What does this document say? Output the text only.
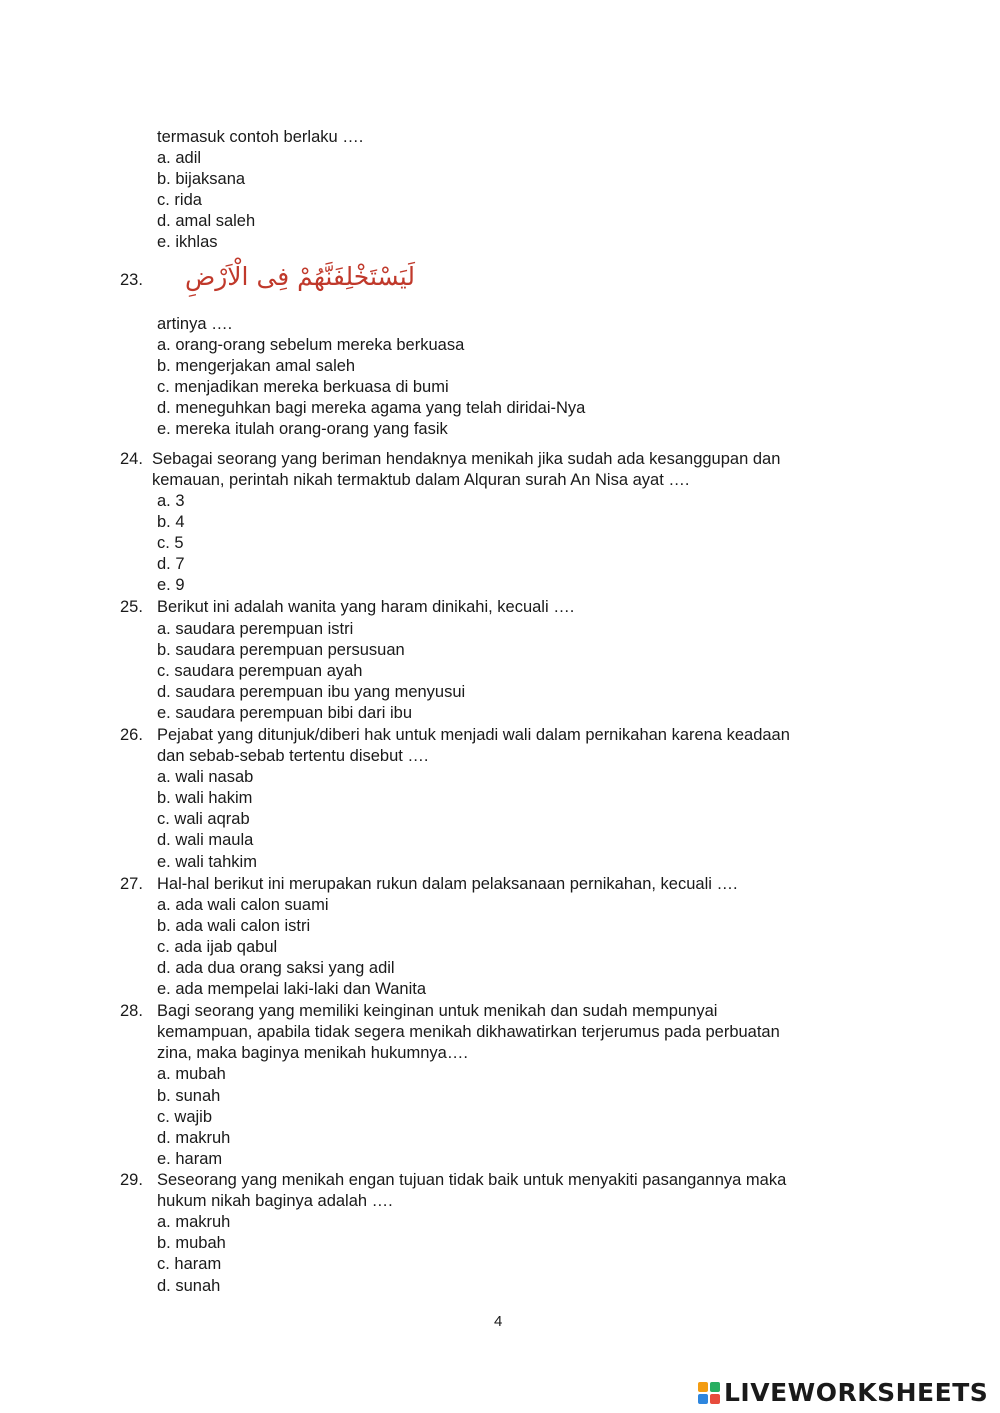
termasuk contoh berlaku ….
a. adil
b. bijaksana
c. rida
d. amal saleh
e. ikhlas
23. لَيَسْتَخْلِفَنَّهُمْ فِى الْاَرْضِ
artinya ….
a. orang-orang sebelum mereka berkuasa
b. mengerjakan amal saleh
c. menjadikan mereka berkuasa di bumi
d. meneguhkan bagi mereka agama yang telah diridai-Nya
e. mereka itulah orang-orang yang fasik
24. Sebagai seorang yang beriman hendaknya menikah jika sudah ada kesanggupan dan
kemauan, perintah nikah termaktub dalam Alquran surah An Nisa ayat ….
a. 3
b. 4
c. 5
d. 7
e. 9
25. Berikut ini adalah wanita yang haram dinikahi, kecuali ….
a. saudara perempuan istri
b. saudara perempuan persusuan
c. saudara perempuan ayah
d. saudara perempuan ibu yang menyusui
e. saudara perempuan bibi dari ibu
26. Pejabat yang ditunjuk/diberi hak untuk menjadi wali dalam pernikahan karena keadaan
dan sebab-sebab tertentu disebut ….
a. wali nasab
b. wali hakim
c. wali aqrab
d. wali maula
e. wali tahkim
27. Hal-hal berikut ini merupakan rukun dalam pelaksanaan pernikahan, kecuali ….
a. ada wali calon suami
b. ada wali calon istri
c. ada ijab qabul
d. ada dua orang saksi yang adil
e. ada mempelai laki-laki dan Wanita
28. Bagi seorang yang memiliki keinginan untuk menikah dan sudah mempunyai
kemampuan, apabila tidak segera menikah dikhawatirkan terjerumus pada perbuatan
zina, maka baginya menikah hukumnya….
a. mubah
b. sunah
c. wajib
d. makruh
e. haram
29. Seseorang yang menikah engan tujuan tidak baik untuk menyakiti pasangannya maka
hukum nikah baginya adalah ….
a. makruh
b. mubah
c. haram
d. sunah
4
LIVEWORKSHEETS
